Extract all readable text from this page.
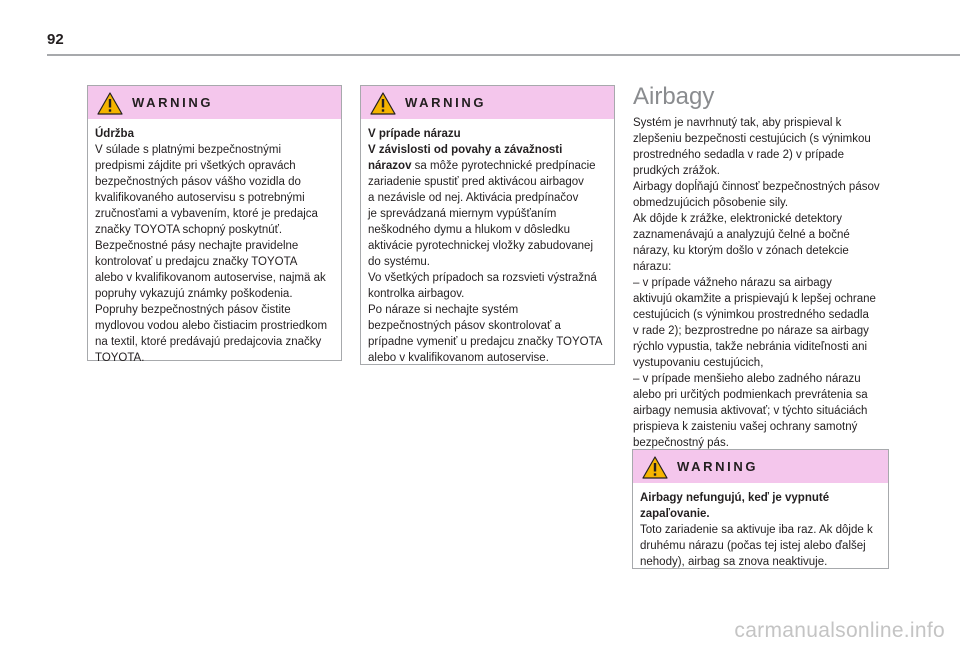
92
WARNING

Údržba

V súlade s platnými bezpečnostnými

predpismi zájdite pri všetkých opravách

bezpečnostných pásov vášho vozidla do

kvalifikovaného autoservisu s potrebnými

zručnosťami a vybavením, ktoré je predajca

značky TOYOTA schopný poskytnúť.

Bezpečnostné pásy nechajte pravidelne

kontrolovať u predajcu značky TOYOTA

alebo v kvalifikovanom autoservise, najmä ak

popruhy vykazujú známky poškodenia.

Popruhy bezpečnostných pásov čistite

mydlovou vodou alebo čistiacim prostriedkom

na textil, ktoré predávajú predajcovia značky

TOYOTA.

WARNING

V prípade nárazu

V závislosti od povahy a závažnosti

nárazov sa môže pyrotechnické predpínacie

zariadenie spustiť pred aktivácou airbagov

a nezávisle od nej. Aktivácia predpínačov

je sprevádzaná miernym vypúšťaním

neškodného dymu a hlukom v dôsledku

aktivácie pyrotechnickej vložky zabudovanej

do systému.

Vo všetkých prípadoch sa rozsvieti výstražná

kontrolka airbagov.

Po náraze si nechajte systém

bezpečnostných pásov skontrolovať a

prípadne vymeniť u predajcu značky TOYOTA

alebo v kvalifikovanom autoservise.

Airbagy

Systém je navrhnutý tak, aby prispieval k

zlepšeniu bezpečnosti cestujúcich (s výnimkou

prostredného sedadla v rade 2) v prípade

prudkých zrážok.

Airbagy dopĺňajú činnosť bezpečnostných pásov

obmedzujúcich pôsobenie sily.

Ak dôjde k zrážke, elektronické detektory

zaznamenávajú a analyzujú čelné a bočné

nárazy, ku ktorým došlo v zónach detekcie

nárazu:

– v prípade vážneho nárazu sa airbagy

aktivujú okamžite a prispievajú k lepšej ochrane

cestujúcich (s výnimkou prostredného sedadla

v rade 2); bezprostredne po náraze sa airbagy

rýchlo vypustia, takže nebránia viditeľnosti ani

vystupovaniu cestujúcich,

– v prípade menšieho alebo zadného nárazu

alebo pri určitých podmienkach prevrátenia sa

airbagy nemusia aktivovať; v týchto situáciách

prispieva k zaisteniu vašej ochrany samotný

bezpečnostný pás.

WARNING

Airbagy nefungujú, keď je vypnuté

zapaľovanie.

Toto zariadenie sa aktivuje iba raz. Ak dôjde k

druhému nárazu (počas tej istej alebo ďalšej

nehody), airbag sa znova neaktivuje.

carmanualsonline.info
